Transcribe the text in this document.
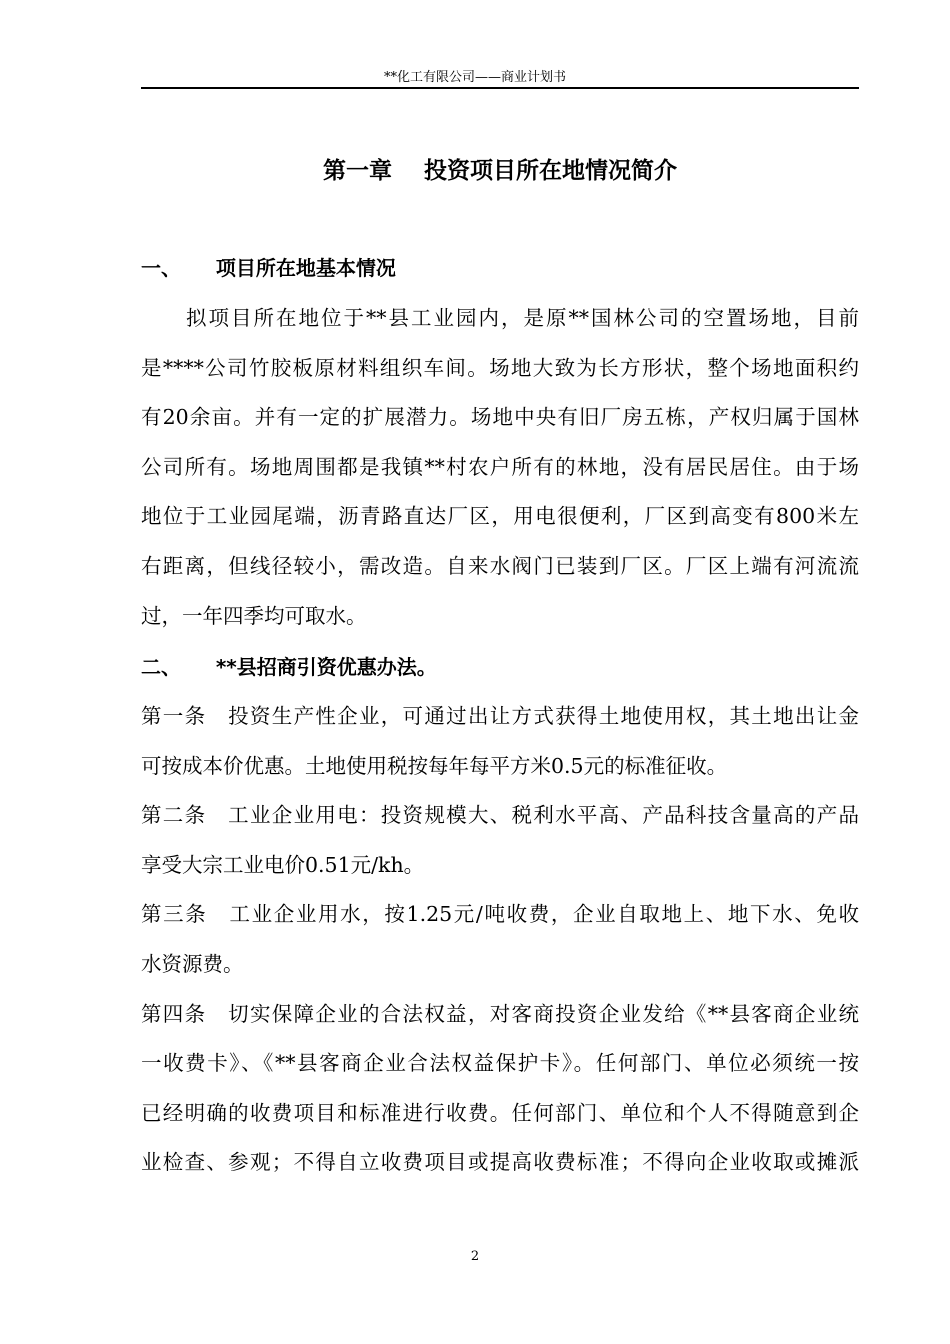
**化工有限公司——商业计划书
第一章    投资项目所在地情况简介
一、     项目所在地基本情况
　　拟项目所在地位于**县工业园内，是原**国林公司的空置场地，目前
是****公司竹胶板原材料组织车间。场地大致为长方形状，整个场地面积约
有20余亩。并有一定的扩展潜力。场地中央有旧厂房五栋，产权归属于国林
公司所有。场地周围都是我镇**村农户所有的林地，没有居民居住。由于场
地位于工业园尾端，沥青路直达厂区，用电很便利，厂区到高变有800米左
右距离，但线径较小，需改造。自来水阀门已装到厂区。厂区上端有河流流
过，一年四季均可取水。
二、     **县招商引资优惠办法。
第一条　投资生产性企业，可通过出让方式获得土地使用权，其土地出让金
可按成本价优惠。土地使用税按每年每平方米0.5元的标准征收。
第二条　工业企业用电：投资规模大、税利水平高、产品科技含量高的产品
享受大宗工业电价0.51元/kh。
第三条　工业企业用水，按1.25元/吨收费，企业自取地上、地下水、免收
水资源费。
第四条　切实保障企业的合法权益，对客商投资企业发给《**县客商企业统
一收费卡》、《**县客商企业合法权益保护卡》。任何部门、单位必须统一按
已经明确的收费项目和标准进行收费。任何部门、单位和个人不得随意到企
业检查、参观；不得自立收费项目或提高收费标准；不得向企业收取或摊派
2
